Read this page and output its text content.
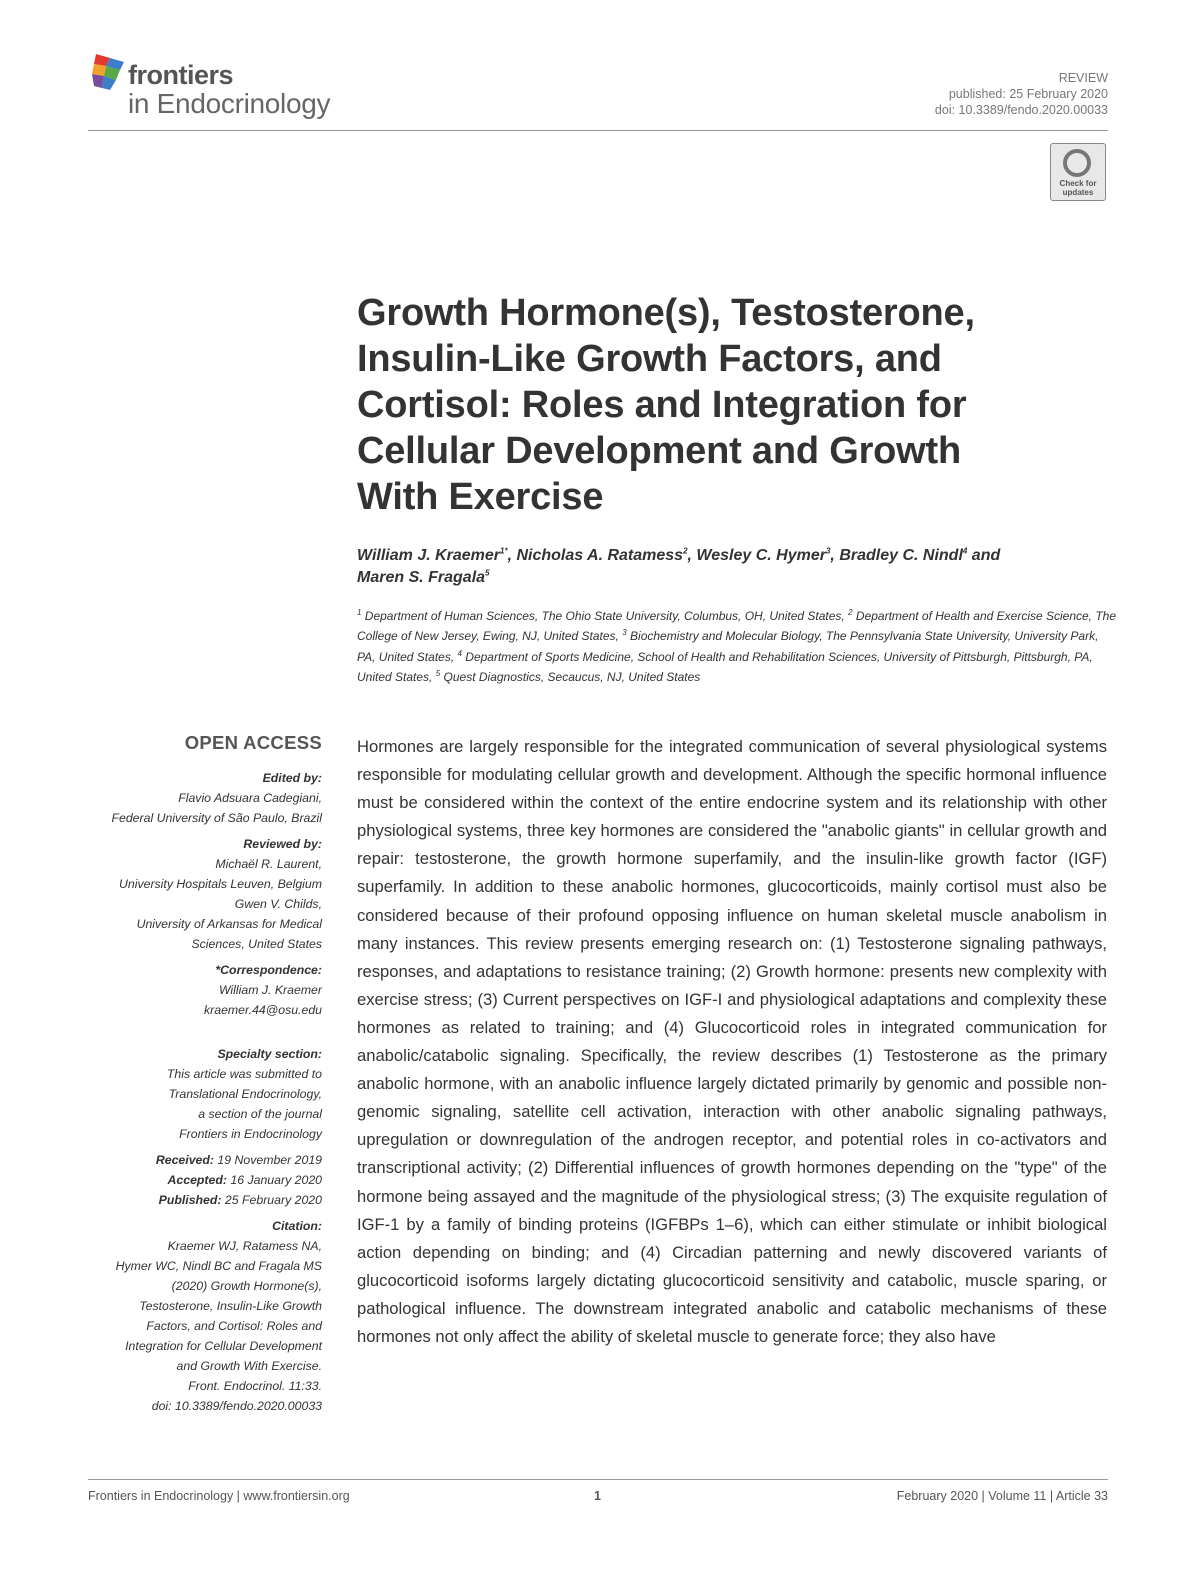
frontiers
in Endocrinology
REVIEW
published: 25 February 2020
doi: 10.3389/fendo.2020.00033
Check for
updates
Growth Hormone(s), Testosterone,
Insulin-Like Growth Factors, and
Cortisol: Roles and Integration for
Cellular Development and Growth
With Exercise
William J. Kraemer$^{1*}$, Nicholas A. Ratamess$^2$, Wesley C. Hymer$^3$, Bradley C. Nindl$^4$ and
Maren S. Fragala$^5$
$^1$ Department of Human Sciences, The Ohio State University, Columbus, OH, United States, $^2$ Department of Health and Exercise Science, The College of New Jersey, Ewing, NJ, United States, $^3$ Biochemistry and Molecular Biology, The Pennsylvania State University, University Park, PA, United States, $^4$ Department of Sports Medicine, School of Health and Rehabilitation Sciences, University of Pittsburgh, Pittsburgh, PA, United States, $^5$ Quest Diagnostics, Secaucus, NJ, United States
OPEN ACCESS
Edited by:
Flavio Adsuara Cadegiani,
Federal University of São Paulo, Brazil
Reviewed by:
Michaël R. Laurent,
University Hospitals Leuven, Belgium
Gwen V. Childs,
University of Arkansas for Medical
Sciences, United States
*Correspondence:
William J. Kraemer
kraemer.44@osu.edu
Specialty section:
This article was submitted to
Translational Endocrinology,
a section of the journal
Frontiers in Endocrinology
Received: 19 November 2019
Accepted: 16 January 2020
Published: 25 February 2020
Citation:
Kraemer WJ, Ratamess NA,
Hymer WC, Nindl BC and Fragala MS
(2020) Growth Hormone(s),
Testosterone, Insulin-Like Growth
Factors, and Cortisol: Roles and
Integration for Cellular Development
and Growth With Exercise.
Front. Endocrinol. 11:33.
doi: 10.3389/fendo.2020.00033

Hormones are largely responsible for the integrated communication of several physiological systems responsible for modulating cellular growth and development. Although the specific hormonal influence must be considered within the context of the entire endocrine system and its relationship with other physiological systems, three key hormones are considered the "anabolic giants" in cellular growth and repair: testosterone, the growth hormone superfamily, and the insulin-like growth factor (IGF) superfamily. In addition to these anabolic hormones, glucocorticoids, mainly cortisol must also be considered because of their profound opposing influence on human skeletal muscle anabolism in many instances. This review presents emerging research on: (1) Testosterone signaling pathways, responses, and adaptations to resistance training; (2) Growth hormone: presents new complexity with exercise stress; (3) Current perspectives on IGF-I and physiological adaptations and complexity these hormones as related to training; and (4) Glucocorticoid roles in integrated communication for anabolic/catabolic signaling. Specifically, the review describes (1) Testosterone as the primary anabolic hormone, with an anabolic influence largely dictated primarily by genomic and possible non-genomic signaling, satellite cell activation, interaction with other anabolic signaling pathways, upregulation or downregulation of the androgen receptor, and potential roles in co-activators and transcriptional activity; (2) Differential influences of growth hormones depending on the "type" of the hormone being assayed and the magnitude of the physiological stress; (3) The exquisite regulation of IGF-1 by a family of binding proteins (IGFBPs 1–6), which can either stimulate or inhibit biological action depending on binding; and (4) Circadian patterning and newly discovered variants of glucocorticoid isoforms largely dictating glucocorticoid sensitivity and catabolic, muscle sparing, or pathological influence. The downstream integrated anabolic and catabolic mechanisms of these hormones not only affect the ability of skeletal muscle to generate force; they also have

Frontiers in Endocrinology | www.frontiersin.org	1	February 2020 | Volume 11 | Article 33
